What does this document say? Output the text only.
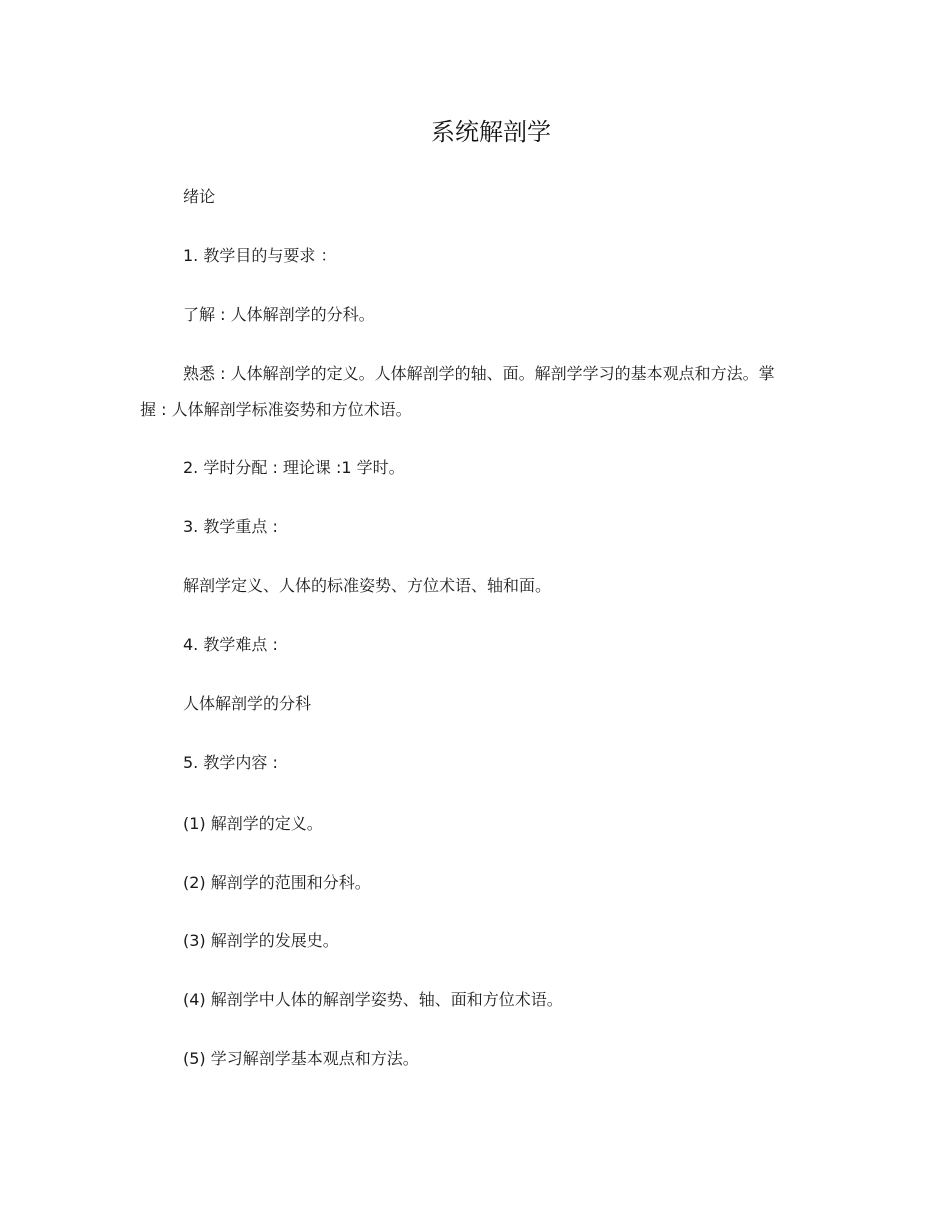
系统解剖学
绪论
1. 教学目的与要求 ：
了解 : 人体解剖学的分科。
熟悉 : 人体解剖学的定义。人体解剖学的轴、面。解剖学学习的基本观点和方法。掌握 : 人体解剖学标准姿势和方位术语。
2. 学时分配 : 理论课 :1 学时。
3. 教学重点 :
解剖学定义、人体的标准姿势、方位术语、轴和面。
4. 教学难点 :
人体解剖学的分科
5. 教学内容 :
(1) 解剖学的定义。
(2) 解剖学的范围和分科。
(3) 解剖学的发展史。
(4) 解剖学中人体的解剖学姿势、轴、面和方位术语。
(5) 学习解剖学基本观点和方法。
